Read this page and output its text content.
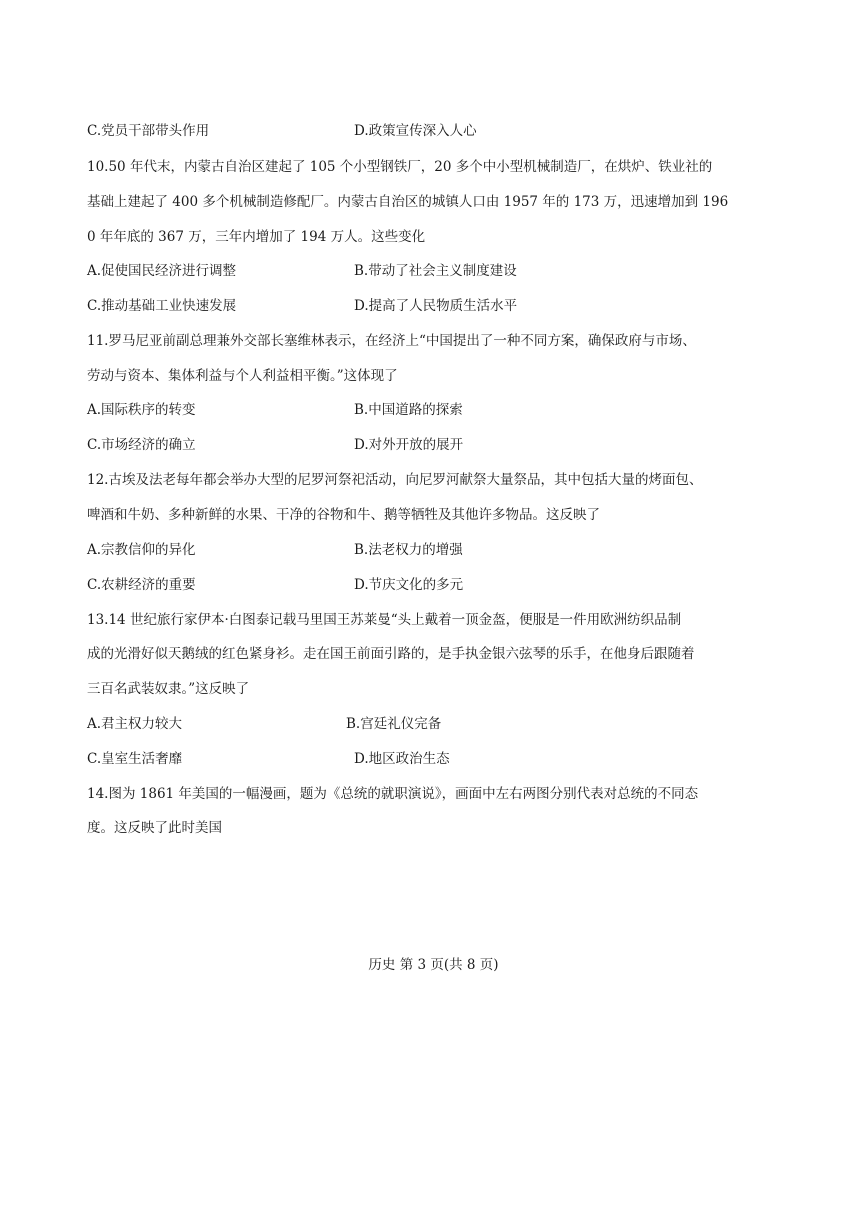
C.党员干部带头作用	D.政策宣传深入人心
10.50 年代末，内蒙古自治区建起了 105 个小型钢铁厂，20 多个中小型机械制造厂，在烘炉、铁业社的
基础上建起了 400 多个机械制造修配厂。内蒙古自治区的城镇人口由 1957 年的 173 万，迅速增加到 196
0 年年底的 367 万，三年内增加了 194 万人。这些变化
A.促使国民经济进行调整	B.带动了社会主义制度建设
C.推动基础工业快速发展	D.提高了人民物质生活水平
11.罗马尼亚前副总理兼外交部长塞维林表示，在经济上“中国提出了一种不同方案，确保政府与市场、
劳动与资本、集体利益与个人利益相平衡。”这体现了
A.国际秩序的转变	B.中国道路的探索
C.市场经济的确立	D.对外开放的展开
12.古埃及法老每年都会举办大型的尼罗河祭祀活动，向尼罗河献祭大量祭品，其中包括大量的烤面包、
啤酒和牛奶、多种新鲜的水果、干净的谷物和牛、鹅等牺牲及其他许多物品。这反映了
A.宗教信仰的异化	B.法老权力的增强
C.农耕经济的重要	D.节庆文化的多元
13.14 世纪旅行家伊本·白图泰记载马里国王苏莱曼“头上戴着一顶金盔，便服是一件用欧洲纺织品制
成的光滑好似天鹅绒的红色紧身衫。走在国王前面引路的，是手执金银六弦琴的乐手，在他身后跟随着
三百名武装奴隶。”这反映了
A.君主权力较大	B.宫廷礼仪完备
C.皇室生活奢靡	D.地区政治生态
14.图为 1861 年美国的一幅漫画，题为《总统的就职演说》，画面中左右两图分别代表对总统的不同态
度。这反映了此时美国
历史 第 3 页(共 8 页)
